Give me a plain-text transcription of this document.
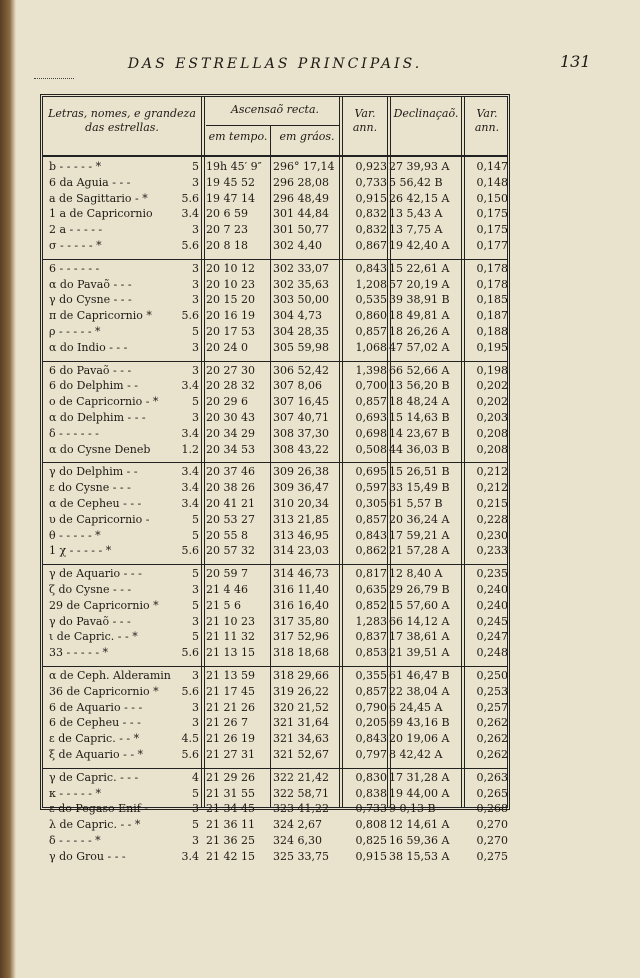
DAS ESTRELLAS PRINCIPAIS.	131
Letras, nomes, e grandeza das estrellas.
Ascensaõ recta.
em tempo.	em gráos.
Var. ann.
Declinaçaõ.	Var. ann.
b - - - - - *	5 19h 45′ 9″	296° 17,14	0,923 27 39,93 A	0,147
6 da Aguia - - -	3 19 45 52	296 28,08	0,733 5 56,42 B	0,148
a de Sagittario - *	5.6 19 47 14	296 48,49	0,915 26 42,15 A	0,150
1 a de Capricornio	3.4 20 6 59	301 44,84	0,832 13 5,43 A	0,175
2 a - - - - -	3 20 7 23	301 50,77	0,832 13 7,75 A	0,175
σ - - - - - *	5.6 20 8 18	302 4,40	0,867 19 42,40 A	0,177
6 - - - - - -	3 20 10 12	302 33,07	0,843 15 22,61 A	0,178
α do Pavaõ - - -	3 20 10 23	302 35,63	1,208 57 20,19 A	0,178
γ do Cysne - - -	3 20 15 20	303 50,00	0,535 39 38,91 B	0,185
π de Capricornio *	5.6 20 16 19	304 4,73	0,860 18 49,81 A	0,187
ρ - - - - - *	5 20 17 53	304 28,35	0,857 18 26,26 A	0,188
α do Indio - - -	3 20 24 0	305 59,98	1,068 47 57,02 A	0,195
6 do Pavaõ - - -	3 20 27 30	306 52,42	1,398 66 52,66 A	0,198
6 do Delphim - -	3.4 20 28 32	307 8,06	0,700 13 56,20 B	0,202
ο de Capricornio - *	5 20 29 6	307 16,45	0,857 18 48,24 A	0,202
α do Delphim - - -	3 20 30 43	307 40,71	0,693 15 14,63 B	0,203
δ - - - - - -	3.4 20 34 29	308 37,30	0,698 14 23,67 B	0,208
α do Cysne Deneb	1.2 20 34 53	308 43,22	0,508 44 36,03 B	0,208
γ do Delphim - -	3.4 20 37 46	309 26,38	0,695 15 26,51 B	0,212
ε do Cysne - - -	3.4 20 38 26	309 36,47	0,597 33 15,49 B	0,212
α de Cepheu - - -	3.4 20 41 21	310 20,34	0,305 61 5,57 B	0,215
υ de Capricornio -	5 20 53 27	313 21,85	0,857 20 36,24 A	0,228
θ - - - - - *	5 20 55 8	313 46,95	0,843 17 59,21 A	0,230
1 χ - - - - - *	5.6 20 57 32	314 23,03	0,862 21 57,28 A	0,233
γ de Aquario - - -	5 20 59 7	314 46,73	0,817 12 8,40 A	0,235
ζ do Cysne - - -	3 21 4 46	316 11,40	0,635 29 26,79 B	0,240
29 de Capricornio *	5 21 5 6	316 16,40	0,852 15 57,60 A	0,240
γ do Pavaõ - - -	3 21 10 23	317 35,80	1,283 66 14,12 A	0,245
ι de Capric. - - *	5 21 11 32	317 52,96	0,837 17 38,61 A	0,247
33 - - - - - *	5.6 21 13 15	318 18,68	0,853 21 39,51 A	0,248
α de Ceph. Alderamin	3 21 13 59	318 29,66	0,355 61 46,47 B	0,250
36 de Capricornio *	5.6 21 17 45	319 26,22	0,857 22 38,04 A	0,253
6 de Aquario - - -	3 21 21 26	320 21,52	0,790 6 24,45 A	0,257
6 de Cepheu - - -	3 21 26 7	321 31,64	0,205 69 43,16 B	0,262
ε de Capric. - - *	4.5 21 26 19	321 34,63	0,843 20 19,06 A	0,262
ξ de Aquario - - *	5.6 21 27 31	321 52,67	0,797 8 42,42 A	0,262
γ de Capric. - - -	4 21 29 26	322 21,42	0,830 17 31,28 A	0,263
κ - - - - - *	5 21 31 55	322 58,71	0,838 19 44,00 A	0,265
ε do Pegaso Enif -	3 21 34 45	323 41,22	0,733 9 0,13 B	0,268
λ de Capric. - - *	5 21 36 11	324 2,67	0,808 12 14,61 A	0,270
δ - - - - - *	3 21 36 25	324 6,30	0,825 16 59,36 A	0,270
γ do Grou - - -	3.4 21 42 15	325 33,75	0,915 38 15,53 A	0,275
